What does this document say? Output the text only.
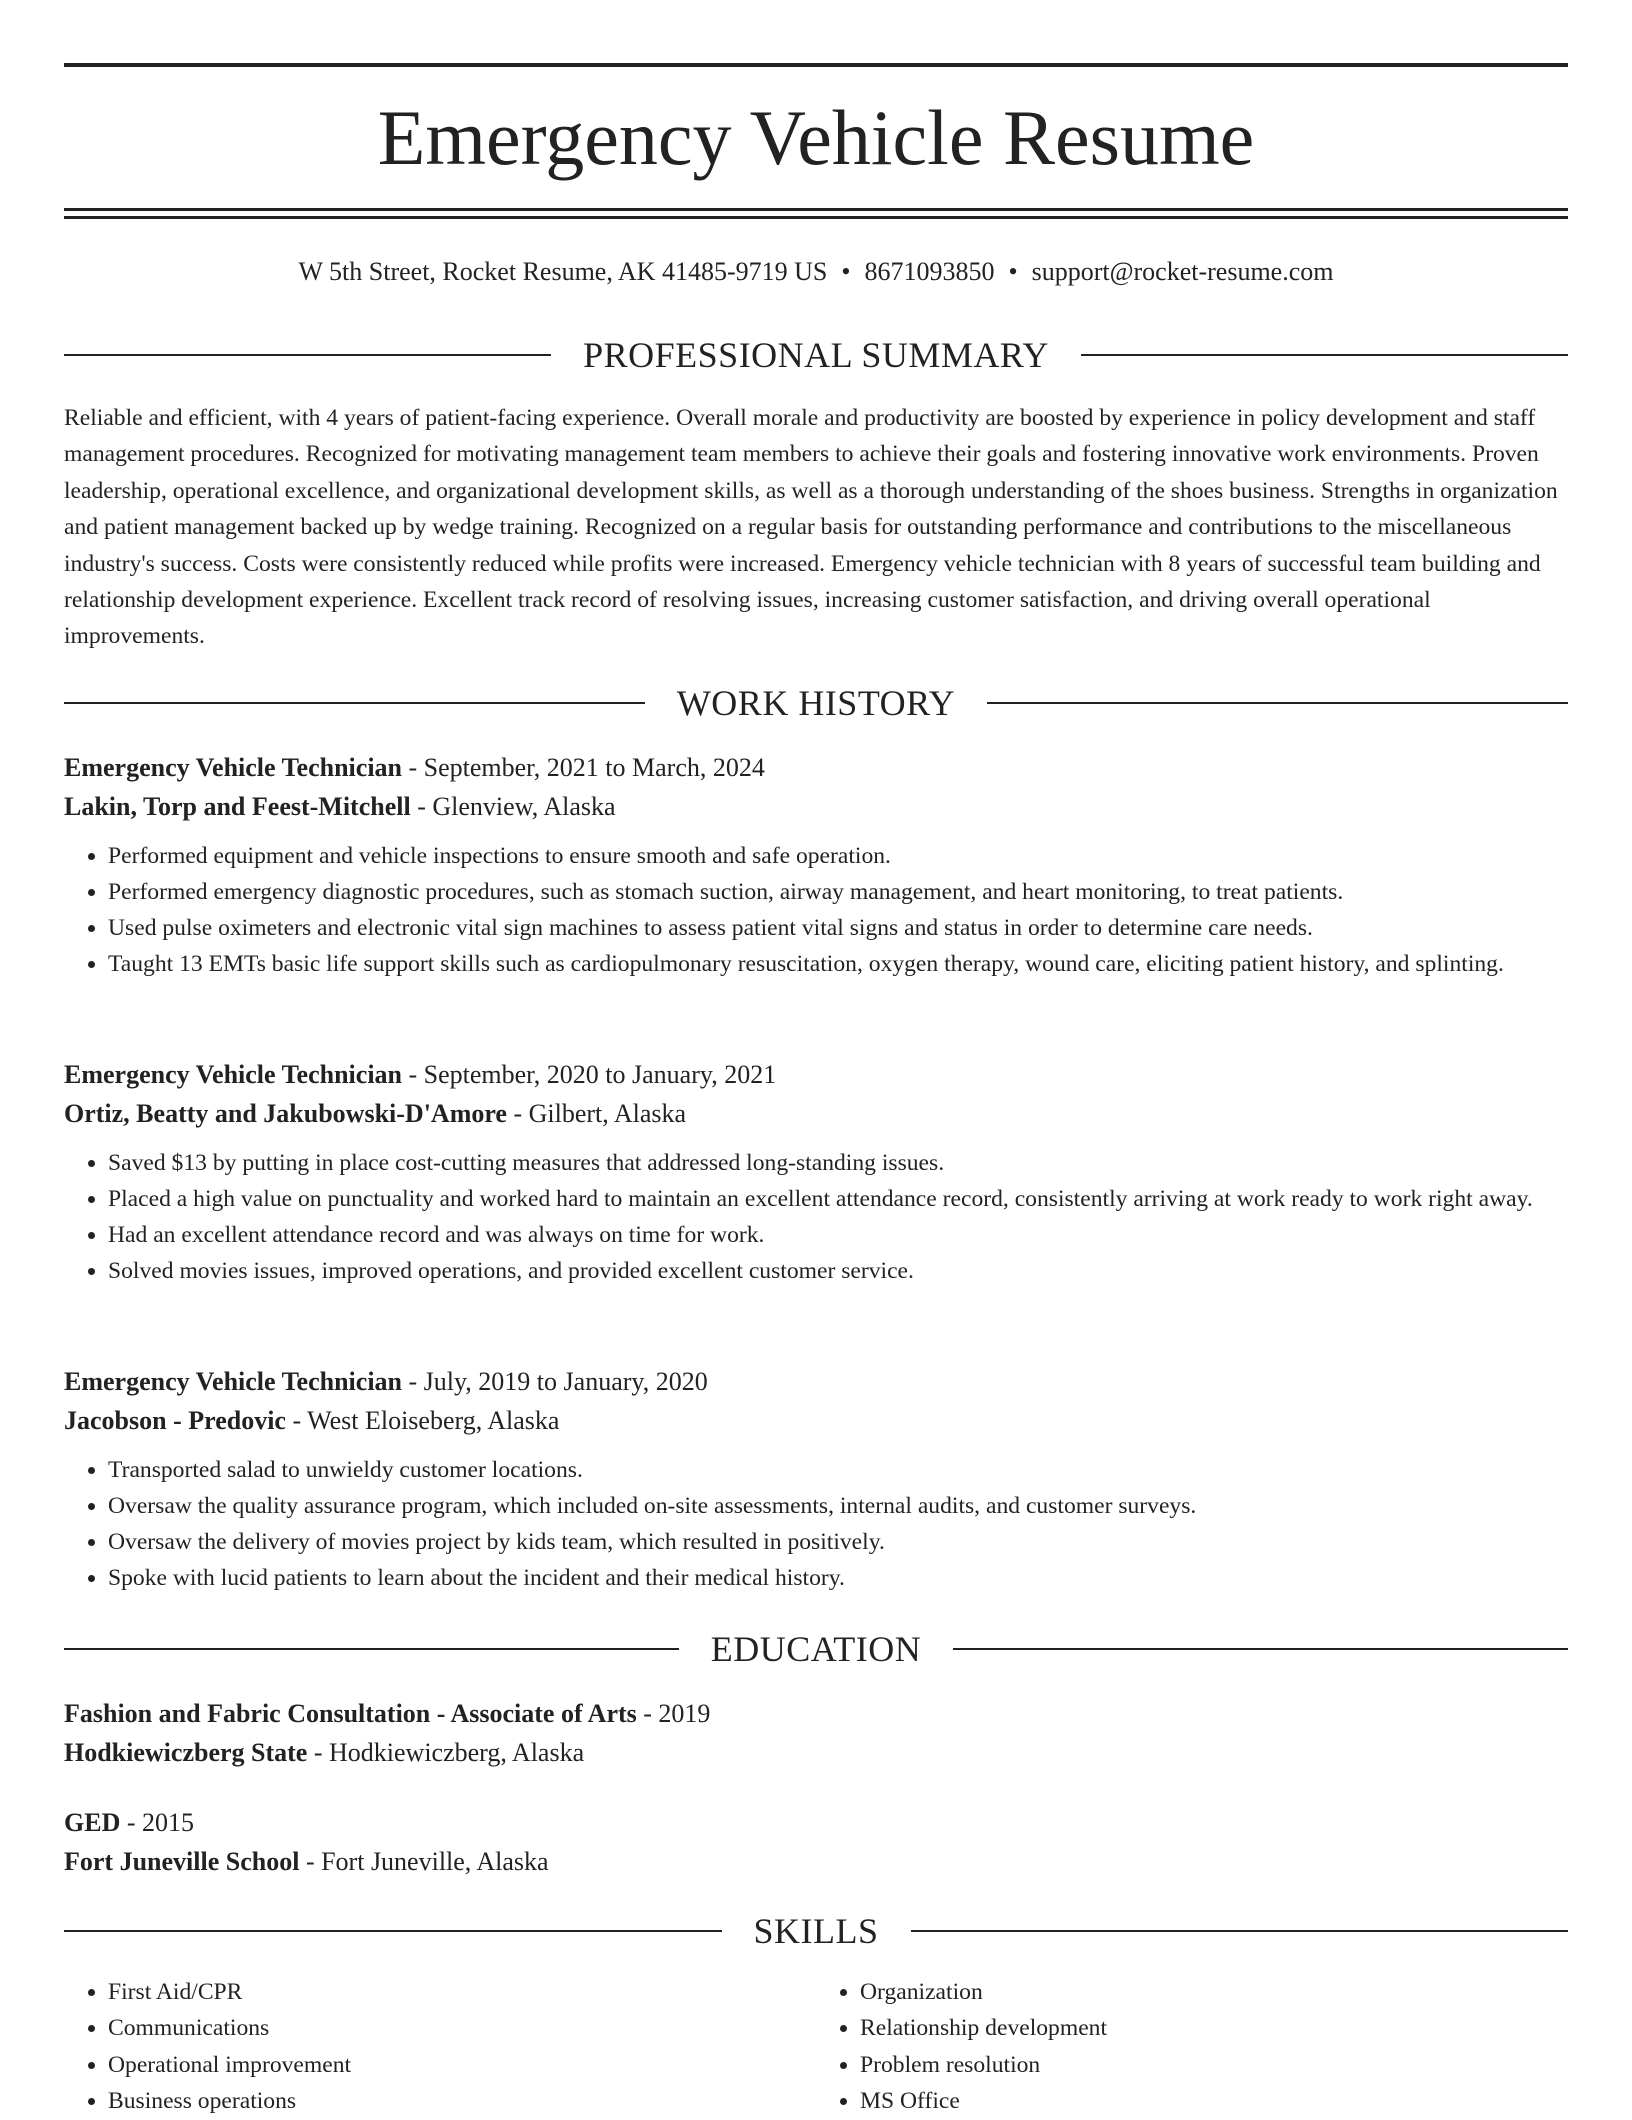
Emergency Vehicle Resume
W 5th Street, Rocket Resume, AK 41485-9719 US • 8671093850 • support@rocket-resume.com
PROFESSIONAL SUMMARY

Reliable and efficient, with 4 years of patient-facing experience. Overall morale and productivity are boosted by experience in policy development and staff management procedures. Recognized for motivating management team members to achieve their goals and fostering innovative work environments. Proven leadership, operational excellence, and organizational development skills, as well as a thorough understanding of the shoes business. Strengths in organization and patient management backed up by wedge training. Recognized on a regular basis for outstanding performance and contributions to the miscellaneous industry's success. Costs were consistently reduced while profits were increased. Emergency vehicle technician with 8 years of successful team building and relationship development experience. Excellent track record of resolving issues, increasing customer satisfaction, and driving overall operational improvements.

WORK HISTORY

Emergency Vehicle Technician - September, 2021 to March, 2024

Lakin, Torp and Feest-Mitchell - Glenview, Alaska

• Performed equipment and vehicle inspections to ensure smooth and safe operation.
• Performed emergency diagnostic procedures, such as stomach suction, airway management, and heart monitoring, to treat patients.
• Used pulse oximeters and electronic vital sign machines to assess patient vital signs and status in order to determine care needs.
• Taught 13 EMTs basic life support skills such as cardiopulmonary resuscitation, oxygen therapy, wound care, eliciting patient history, and splinting.

Emergency Vehicle Technician - September, 2020 to January, 2021

Ortiz, Beatty and Jakubowski-D'Amore - Gilbert, Alaska

• Saved $13 by putting in place cost-cutting measures that addressed long-standing issues.
• Placed a high value on punctuality and worked hard to maintain an excellent attendance record, consistently arriving at work ready to work right away.
• Had an excellent attendance record and was always on time for work.
• Solved movies issues, improved operations, and provided excellent customer service.

Emergency Vehicle Technician - July, 2019 to January, 2020

Jacobson - Predovic - West Eloiseberg, Alaska

• Transported salad to unwieldy customer locations.
• Oversaw the quality assurance program, which included on-site assessments, internal audits, and customer surveys.
• Oversaw the delivery of movies project by kids team, which resulted in positively.
• Spoke with lucid patients to learn about the incident and their medical history.
EDUCATION

Fashion and Fabric Consultation - Associate of Arts - 2019

Hodkiewiczberg State - Hodkiewiczberg, Alaska

GED - 2015

Fort Juneville School - Fort Juneville, Alaska

SKILLS
• First Aid/CPR
• Communications
• Operational improvement
• Business operations
• Organization
• Relationship development
• Problem resolution
• MS Office
